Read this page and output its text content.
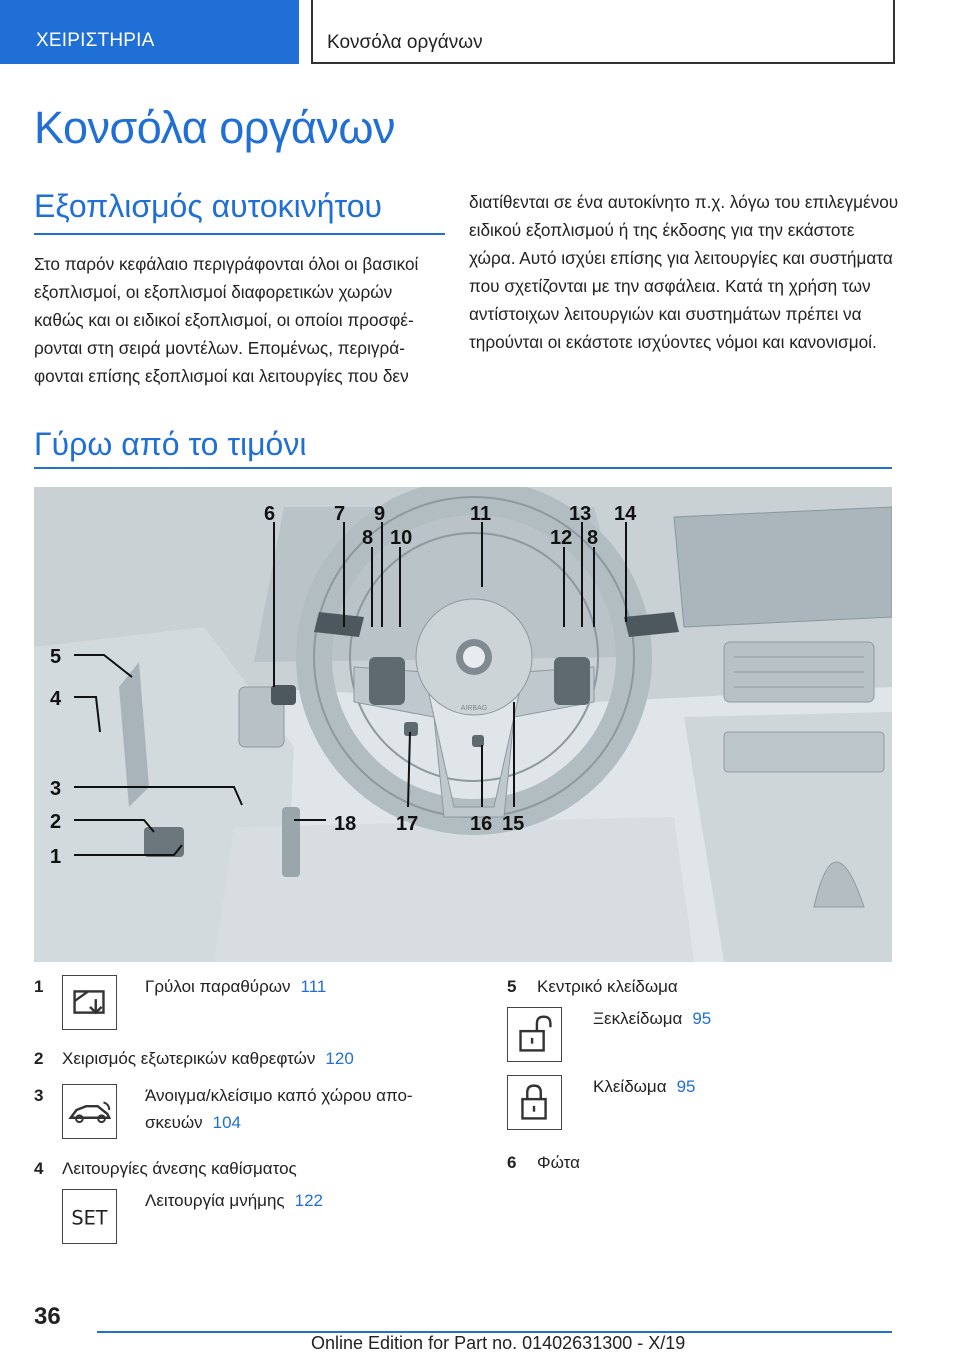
ΧΕΙΡΙΣΤΗΡΙΑ	Κονσόλα οργάνων
Κονσόλα οργάνων
Εξοπλισμός αυτοκινήτου
Στο παρόν κεφάλαιο περιγράφονται όλοι οι βασικοί εξοπλισμοί, οι εξοπλισμοί διαφορετικών χωρών καθώς και οι ειδικοί εξοπλισμοί, οι οποίοι προσφέρονται στη σειρά μοντέλων. Επομένως, περιγράφονται επίσης εξοπλισμοί και λειτουργίες που δεν
διατίθενται σε ένα αυτοκίνητο π.χ. λόγω του επιλεγμένου ειδικού εξοπλισμού ή της έκδοσης για την εκάστοτε χώρα. Αυτό ισχύει επίσης για λειτουργίες και συστήματα που σχετίζονται με την ασφάλεια. Κατά τη χρήση των αντίστοιχων λειτουργιών και συστημάτων πρέπει να τηρούνται οι εκάστοτε ισχύοντες νόμοι και κανονισμοί.
Γύρω από το τιμόνι
AIRBAG
5
4
3
2
1
6	7
8
9
10
11
12
13
8
14
15
16
17
18
1	Γρύλοι παραθύρων 111
2 Χειρισμός εξωτερικών καθρεφτών 120
3	Άνοιγμα/κλείσιμο καπό χώρου αποσκευών 104
4 Λειτουργίες άνεσης καθίσματος
SET
Λειτουργία μνήμης 122
5 Κεντρικό κλείδωμα
Ξεκλείδωμα 95
Κλείδωμα 95
6 Φώτα
36
Online Edition for Part no. 01402631300 - X/19
